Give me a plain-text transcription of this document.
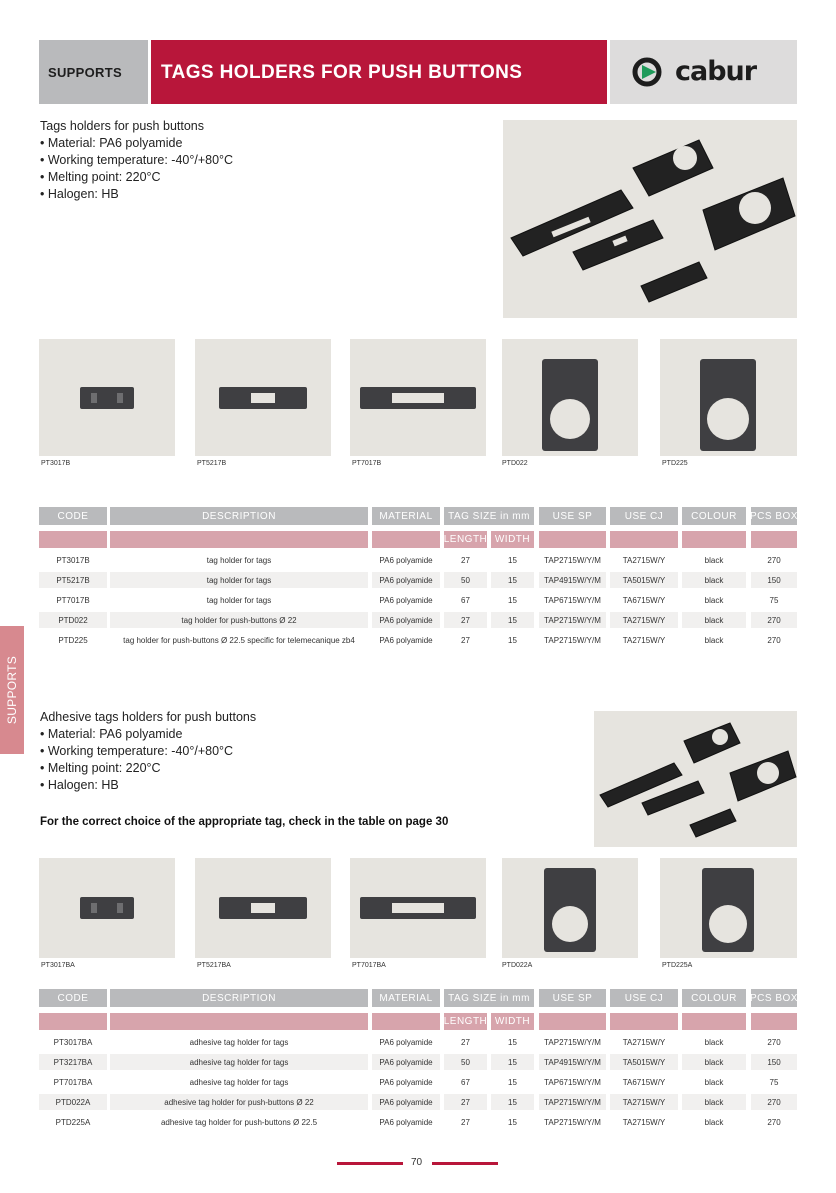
SUPPORTS TAGS HOLDERS FOR PUSH BUTTONS	cabur
SUPPORTS
Tags holders for push buttons
• Material: PA6 polyamide
• Working temperature: -40°/+80°C
• Melting point: 220°C
• Halogen: HB
PT3017B	PT5217B	PT7017B	PTD022	PTD225
CODE	DESCRIPTION	MATERIAL	TAG SIZE in mm	USE SP	USE CJ	COLOUR	PCS BOX
LENGTH WIDTH
PT3017B	tag holder for tags	PA6 polyamide	27	15	TAP2715W/Y/M	TA2715W/Y	black	270
PT5217B	tag holder for tags	PA6 polyamide	50	15	TAP4915W/Y/M	TA5015W/Y	black	150
PT7017B	tag holder for tags	PA6 polyamide	67	15	TAP6715W/Y/M	TA6715W/Y	black	75
PTD022	tag holder for push-buttons Ø 22	PA6 polyamide	27	15	TAP2715W/Y/M	TA2715W/Y	black	270
PTD225	tag holder for push-buttons Ø 22.5 specific for telemecanique zb4	PA6 polyamide	27	15	TAP2715W/Y/M	TA2715W/Y	black	270
Adhesive tags holders for push buttons
• Material: PA6 polyamide
• Working temperature: -40°/+80°C
• Melting point: 220°C
• Halogen: HB
For the correct choice of the appropriate tag, check in the table on page 30
PT3017BA	PT5217BA	PT7017BA	PTD022A	PTD225A
CODE	DESCRIPTION	MATERIAL	TAG SIZE in mm	USE SP	USE CJ	COLOUR	PCS BOX
LENGTH WIDTH
PT3017BA	adhesive tag holder for tags	PA6 polyamide	27	15	TAP2715W/Y/M	TA2715W/Y	black	270
PT3217BA	adhesive tag holder for tags	PA6 polyamide	50	15	TAP4915W/Y/M	TA5015W/Y	black	150
PT7017BA	adhesive tag holder for tags	PA6 polyamide	67	15	TAP6715W/Y/M	TA6715W/Y	black	75
PTD022A	adhesive tag holder for push-buttons Ø 22	PA6 polyamide	27	15	TAP2715W/Y/M	TA2715W/Y	black	270
PTD225A	adhesive tag holder for push-buttons Ø 22.5	PA6 polyamide	27	15	TAP2715W/Y/M	TA2715W/Y	black	270
70
